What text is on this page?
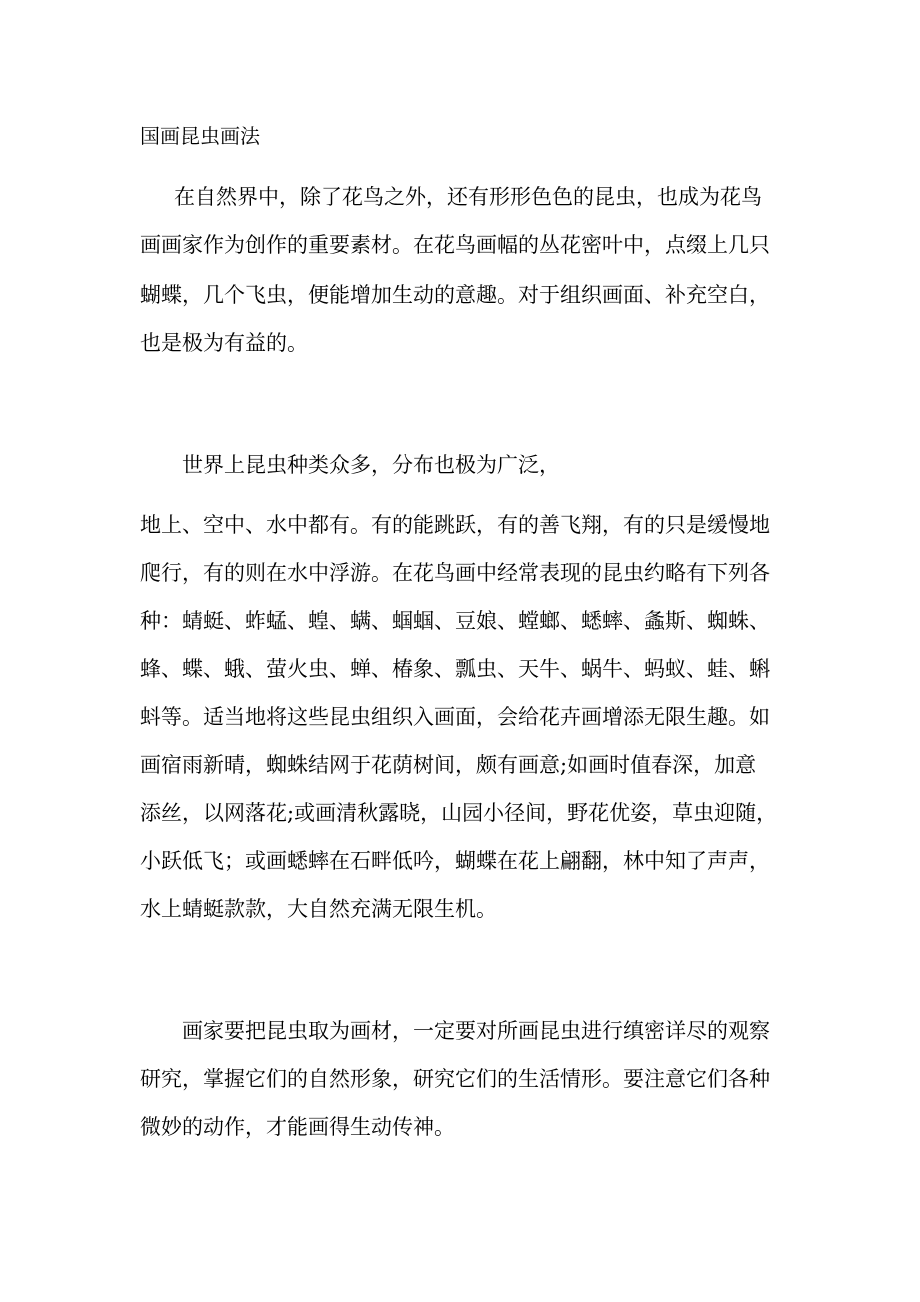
国画昆虫画法
在自然界中，除了花鸟之外，还有形形色色的昆虫，也成为花鸟
画画家作为创作的重要素材。在花鸟画幅的丛花密叶中，点缀上几只
蝴蝶，几个飞虫，便能增加生动的意趣。对于组织画面、补充空白，
也是极为有益的。
世界上昆虫种类众多，分布也极为广泛，
地上、空中、水中都有。有的能跳跃，有的善飞翔，有的只是缓慢地
爬行，有的则在水中浮游。在花鸟画中经常表现的昆虫约略有下列各
种：蜻蜓、蚱蜢、蝗、螨、蝈蝈、豆娘、螳螂、蟋蟀、螽斯、蜘蛛、
蜂、蝶、蛾、萤火虫、蝉、椿象、瓢虫、天牛、蜗牛、蚂蚁、蛙、蝌
蚪等。适当地将这些昆虫组织入画面，会给花卉画增添无限生趣。如
画宿雨新晴，蜘蛛结网于花荫树间，颇有画意;如画时值春深，加意
添丝，以网落花;或画清秋露晓，山园小径间，野花优姿，草虫迎随，
小跃低飞；或画蟋蟀在石畔低吟，蝴蝶在花上翩翻，林中知了声声，
水上蜻蜓款款，大自然充满无限生机。
画家要把昆虫取为画材，一定要对所画昆虫进行缜密详尽的观察
研究，掌握它们的自然形象，研究它们的生活情形。要注意它们各种
微妙的动作，才能画得生动传神。
